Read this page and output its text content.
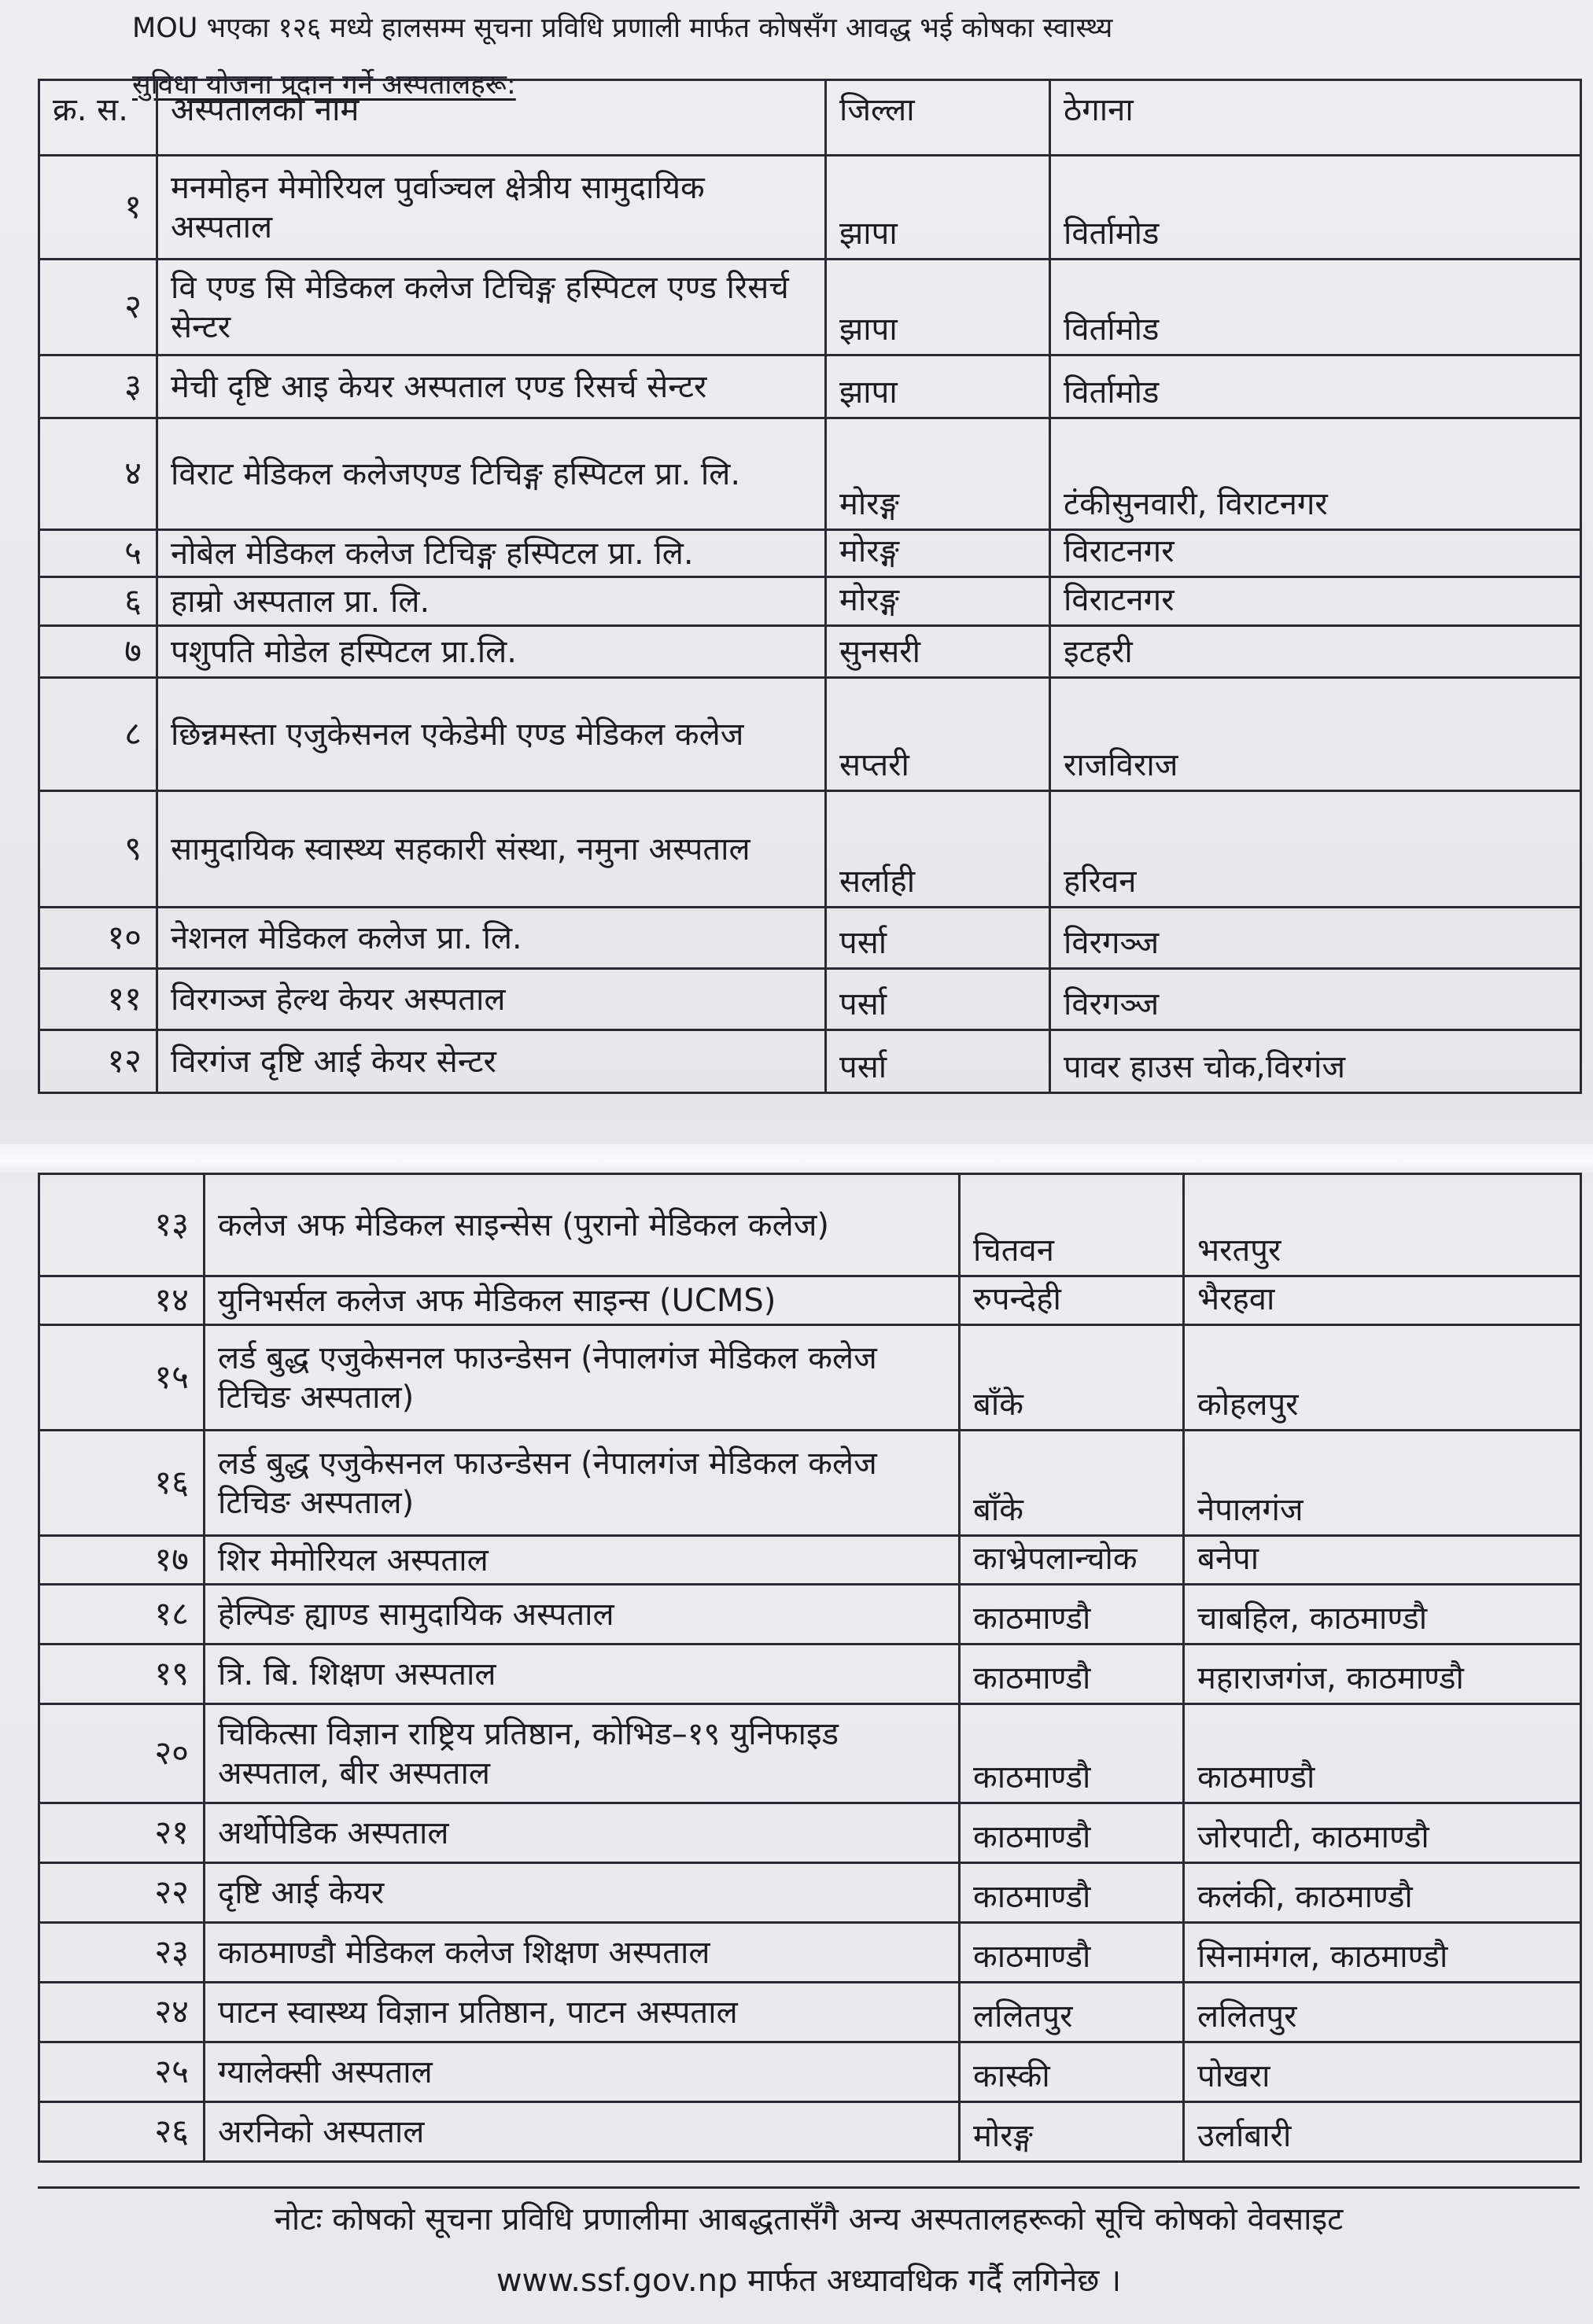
MOU भएका १२६ मध्ये हालसम्म सूचना प्रविधि प्रणाली मार्फत कोषसँग आवद्ध भई कोषका स्वास्थ्य
सुविधा योजना प्रदान गर्ने अस्पतालहरू:
क्र. स.	अस्पतालको नाम	जिल्ला	ठेगाना
१	मनमोहन मेमोरियल पुर्वाञ्चल क्षेत्रीय सामुदायिक अस्पताल	झापा	विर्तामोड
२	वि एण्ड सि मेडिकल कलेज टिचिङ्ग हस्पिटल एण्ड रिसर्च सेन्टर	झापा	विर्तामोड
३	मेची दृष्टि आइ केयर अस्पताल एण्ड रिसर्च सेन्टर	झापा	विर्तामोड
४	विराट मेडिकल कलेजएण्ड टिचिङ्ग हस्पिटल प्रा. लि.	मोरङ्ग	टंकीसुनवारी, विराटनगर
५	नोबेल मेडिकल कलेज टिचिङ्ग हस्पिटल प्रा. लि.	मोरङ्ग	विराटनगर
६	हाम्रो अस्पताल प्रा. लि.	मोरङ्ग	विराटनगर
७	पशुपति मोडेल हस्पिटल प्रा.लि.	सुनसरी	इटहरी
८	छिन्नमस्ता एजुकेसनल एकेडेमी एण्ड मेडिकल कलेज	सप्तरी	राजविराज
९	सामुदायिक स्वास्थ्य सहकारी संस्था, नमुना अस्पताल	सर्लाही	हरिवन
१०	नेशनल मेडिकल कलेज प्रा. लि.	पर्सा	विरगञ्ज
११	विरगञ्ज हेल्थ केयर अस्पताल	पर्सा	विरगञ्ज
१२	विरगंज दृष्टि आई केयर सेन्टर	पर्सा	पावर हाउस चोक,विरगंज
१३	कलेज अफ मेडिकल साइन्सेस (पुरानो मेडिकल कलेज)	चितवन	भरतपुर
१४	युनिभर्सल कलेज अफ मेडिकल साइन्स (UCMS)	रुपन्देही	भैरहवा
१५	लर्ड बुद्ध एजुकेसनल फाउन्डेसन (नेपालगंज मेडिकल कलेज टिचिङ अस्पताल)	बाँके	कोहलपुर
१६	लर्ड बुद्ध एजुकेसनल फाउन्डेसन (नेपालगंज मेडिकल कलेज टिचिङ अस्पताल)	बाँके	नेपालगंज
१७	शिर मेमोरियल अस्पताल	काभ्रेपलान्चोक	बनेपा
१८	हेल्पिङ ह्याण्ड सामुदायिक अस्पताल	काठमाण्डौ	चाबहिल, काठमाण्डौ
१९	त्रि. बि. शिक्षण अस्पताल	काठमाण्डौ	महाराजगंज, काठमाण्डौ
२०	चिकित्सा विज्ञान राष्ट्रिय प्रतिष्ठान, कोभिड–१९ युनिफाइड अस्पताल, बीर अस्पताल	काठमाण्डौ	काठमाण्डौ
२१	अर्थोपेडिक अस्पताल	काठमाण्डौ	जोरपाटी, काठमाण्डौ
२२	दृष्टि आई केयर	काठमाण्डौ	कलंकी, काठमाण्डौ
२३	काठमाण्डौ मेडिकल कलेज शिक्षण अस्पताल	काठमाण्डौ	सिनामंगल, काठमाण्डौ
२४	पाटन स्वास्थ्य विज्ञान प्रतिष्ठान, पाटन अस्पताल	ललितपुर	ललितपुर
२५	ग्यालेक्सी अस्पताल	कास्की	पोखरा
२६	अरनिको अस्पताल	मोरङ्ग	उर्लाबारी
नोटः कोषको सूचना प्रविधि प्रणालीमा आबद्धतासँगै अन्य अस्पतालहरूको सूचि कोषको वेवसाइट
www.ssf.gov.np मार्फत अध्यावधिक गर्दै लगिनेछ ।
